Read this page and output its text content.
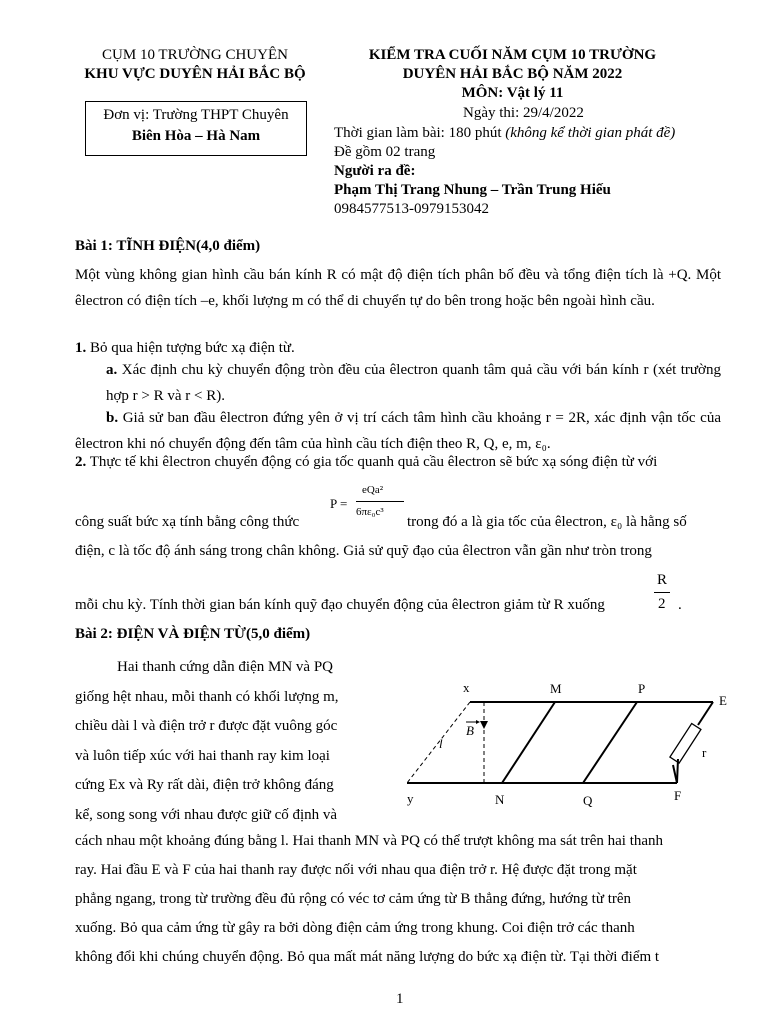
CỤM 10 TRƯỜNG CHUYÊN
KHU VỰC DUYÊN HẢI BẮC BỘ
Đơn vị: Trường THPT Chuyên
Biên Hòa – Hà Nam
KIỂM TRA CUỐI NĂM CỤM 10 TRƯỜNG
DUYÊN HẢI BẮC BỘ NĂM 2022
MÔN: Vật lý 11
Ngày thi: 29/4/2022
Thời gian làm bài: 180 phút (không kể thời gian phát đề)
Đề gồm 02 trang
Người ra đề:
Phạm Thị Trang Nhung – Trần Trung Hiếu
0984577513-0979153042
Bài 1: TĨNH ĐIỆN(4,0 điểm)
Một vùng không gian hình cầu bán kính R có mật độ điện tích phân bố đều và tổng điện tích là +Q. Một êlectron có điện tích –e, khối lượng m có thể di chuyển tự do bên trong hoặc bên ngoài hình cầu.
1. Bỏ qua hiện tượng bức xạ điện từ.
a. Xác định chu kỳ chuyển động tròn đều của êlectron quanh tâm quả cầu với bán kính r (xét trường hợp r > R và r < R).
b. Giả sử ban đầu êlectron đứng yên ở vị trí cách tâm hình cầu khoảng r = 2R, xác định vận tốc của êlectron khi nó chuyển động đến tâm của hình cầu tích điện theo R, Q, e, m, ε₀.
2. Thực tế khi êlectron chuyển động có gia tốc quanh quả cầu êlectron sẽ bức xạ sóng điện từ với
P =
eQa²
6πε₀c³
công suất bức xạ tính bằng công thức	trong đó a là gia tốc của êlectron, ε₀ là hằng số
điện, c là tốc độ ánh sáng trong chân không. Giả sử quỹ đạo của êlectron vẫn gần như tròn trong
mỗi chu kỳ. Tính thời gian bán kính quỹ đạo chuyển động của êlectron giảm từ R xuống
R
2 .
Bài 2: ĐIỆN VÀ ĐIỆN TỪ(5,0 điểm)
Hai thanh cứng dẫn điện MN và PQ
giống hệt nhau, mỗi thanh có khối lượng m,
chiều dài l và điện trở r được đặt vuông góc
và luôn tiếp xúc với hai thanh ray kim loại
cứng Ex và Ry rất dài, điện trở không đáng
kể, song song với nhau được giữ cố định và
cách nhau một khoảng đúng bằng l. Hai thanh MN và PQ có thể trượt không ma sát trên hai thanh
ray. Hai đầu E và F của hai thanh ray được nối với nhau qua điện trở r. Hệ được đặt trong mặt
phẳng ngang, trong từ trường đều đủ rộng có véc tơ cảm ứng từ B thẳng đứng, hướng từ trên
xuống. Bỏ qua cảm ứng từ gây ra bởi dòng điện cảm ứng trong khung. Coi điện trở các thanh
không đổi khi chúng chuyển động. Bỏ qua mất mát năng lượng do bức xạ điện từ. Tại thời điểm t
x
y
M
N
P
Q
E
F
r
l
B
1
